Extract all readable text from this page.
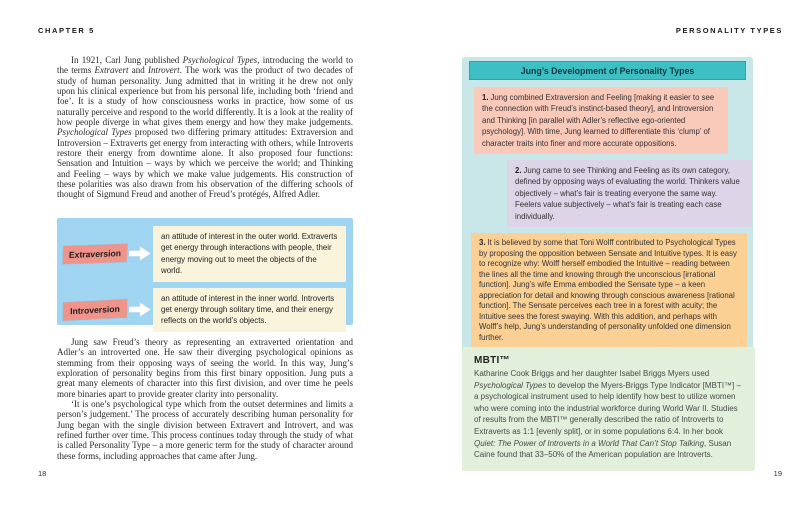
CHAPTER 5

In 1921, Carl Jung published Psychological Types, introducing the world to the terms Extravert and Introvert. The work was the product of two decades of study of human personality. Jung admitted that in writing it he drew not only upon his clinical experience but from his personal life, including both ‘friend and foe’. It is a study of how consciousness works in practice, how some of us naturally perceive and respond to the world differently. It is a look at the reality of how people diverge in what gives them energy and how they make judgements. Psychological Types proposed two differing primary attitudes: Extraversion and Introversion – Extraverts get energy from interacting with others, while Introverts restore their energy from downtime alone. It also proposed four functions: Sensation and Intuition – ways by which we perceive the world; and Thinking and Feeling – ways by which we make value judgements. His construction of these polarities was also drawn from his observation of the differing schools of thought of Sigmund Freud and another of Freud’s protégés, Alfred Adler.

Extraversion
an attitude of interest in the outer world. Extraverts get energy through interactions with people, their energy moving out to meet the objects of the world.
Introversion
an attitude of interest in the inner world. Introverts get energy through solitary time, and their energy reflects on the world’s objects.

Jung saw Freud’s theory as representing an extraverted orientation and Adler’s an introverted one. He saw their diverging psychological opinions as stemming from their opposing ways of seeing the world. In this way, Jung’s exploration of personality begins from this first binary opposition. Jung puts a great many elements of character into this first division, and over time he peels more binaries apart to provide greater clarity into personality.

‘It is one’s psychological type which from the outset determines and limits a person’s judgement.’ The process of accurately describing human personality for Jung began with the single division between Extravert and Introvert, and was refined further over time. This process continues today through the study of what is called Personality Type – a more generic term for the study of character around these forms, including approaches that came after Jung.

18
PERSONALITY TYPES
Jung’s Development of Personality Types
1. Jung combined Extraversion and Feeling [making it easier to see the connection with Freud’s instinct-based theory], and Introversion and Thinking [in parallel with Adler’s reflective ego-oriented psychology]. With time, Jung learned to differentiate this ‘clump’ of character traits into finer and more accurate oppositions.
2. Jung came to see Thinking and Feeling as its own category, defined by opposing ways of evaluating the world. Thinkers value objectively – what’s fair is treating everyone the same way. Feelers value subjectively – what’s fair is treating each case individually.
3. It is believed by some that Toni Wolff contributed to Psychological Types by proposing the opposition between Sensate and Intuitive types. It is easy to recognize why: Wolff herself embodied the Intuitive – reading between the lines all the time and knowing through the unconscious [irrational function]. Jung’s wife Emma embodied the Sensate type – a keen appreciation for detail and knowing through conscious awareness [rational function]. The Sensate perceives each tree in a forest with acuity; the Intuitive sees the forest swaying. With this addition, and perhaps with Wolff’s help, Jung’s understanding of personality unfolded one dimension further.
MBTI™
Katharine Cook Briggs and her daughter Isabel Briggs Myers used Psychological Types to develop the Myers-Briggs Type Indicator [MBTI™] – a psychological instrument used to help identify how best to utilize women who were coming into the industrial workforce during World War II. Studies of results from the MBTI™ generally described the ratio of Introverts to Extraverts as 1:1 [evenly split], or in some populations 6:4. In her book Quiet: The Power of Introverts in a World That Can’t Stop Talking, Susan Caine found that 33–50% of the American population are Introverts.
19
